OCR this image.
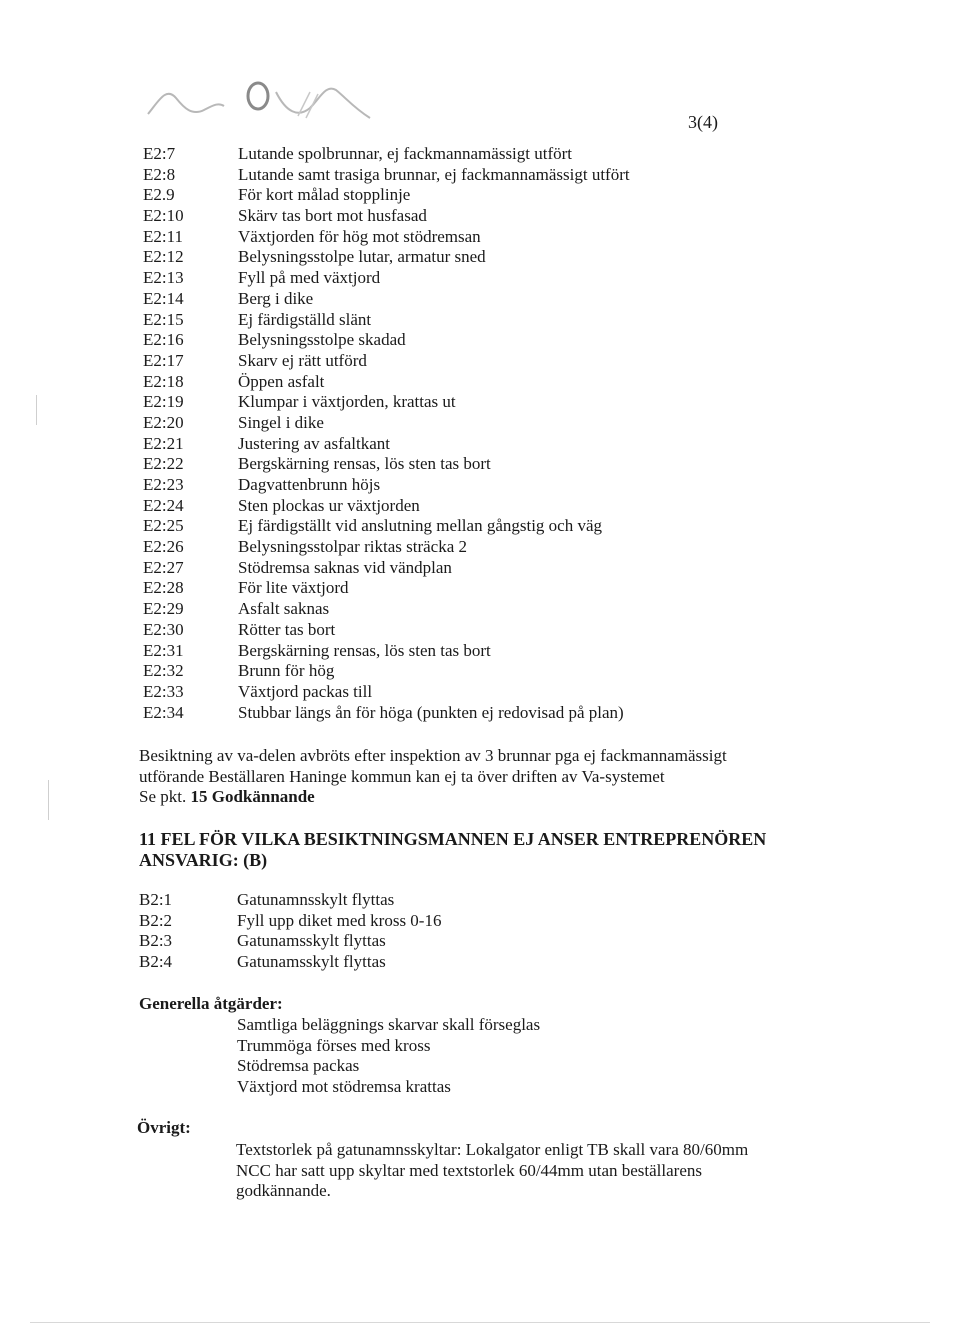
3(4)
E2:7	Lutande spolbrunnar, ej fackmannamässigt utfört
E2:8	Lutande samt trasiga brunnar, ej fackmannamässigt utfört
E2.9	För kort målad stopplinje
E2:10	Skärv tas bort mot husfasad
E2:11	Växtjorden för hög mot stödremsan
E2:12	Belysningsstolpe lutar, armatur sned
E2:13	Fyll på med växtjord
E2:14	Berg i dike
E2:15	Ej färdigställd slänt
E2:16	Belysningsstolpe skadad
E2:17	Skarv ej rätt utförd
E2:18	Öppen asfalt
E2:19	Klumpar i växtjorden, krattas ut
E2:20	Singel i dike
E2:21	Justering av asfaltkant
E2:22	Bergskärning rensas, lös sten tas bort
E2:23	Dagvattenbrunn höjs
E2:24	Sten plockas ur växtjorden
E2:25	Ej färdigställt vid anslutning mellan gångstig och väg
E2:26	Belysningsstolpar riktas sträcka 2
E2:27	Stödremsa saknas vid vändplan
E2:28	För lite växtjord
E2:29	Asfalt saknas
E2:30	Rötter tas bort
E2:31	Bergskärning rensas, lös sten tas bort
E2:32	Brunn för hög
E2:33	Växtjord packas till
E2:34	Stubbar längs ån för höga (punkten ej redovisad på plan)

Besiktning av va-delen avbröts efter inspektion av 3 brunnar pga ej fackmannamässigt

utförande Beställaren Haninge kommun kan ej ta över driften av Va-systemet

Se pkt. 15 Godkännande

11 FEL FÖR VILKA BESIKTNINGSMANNEN EJ ANSER ENTREPRENÖREN
ANSVARIG: (B)
B2:1	Gatunamnsskylt flyttas
B2:2	Fyll upp diket med kross 0-16
B2:3	Gatunamsskylt flyttas
B2:4	Gatunamsskylt flyttas
Generella åtgärder:
Samtliga beläggnings skarvar skall förseglas
Trummöga förses med kross
Stödremsa packas
Växtjord mot stödremsa krattas
Övrigt:
Textstorlek på gatunamnsskyltar: Lokalgator enligt TB skall vara 80/60mm
NCC har satt upp skyltar med textstorlek 60/44mm utan beställarens
godkännande.
